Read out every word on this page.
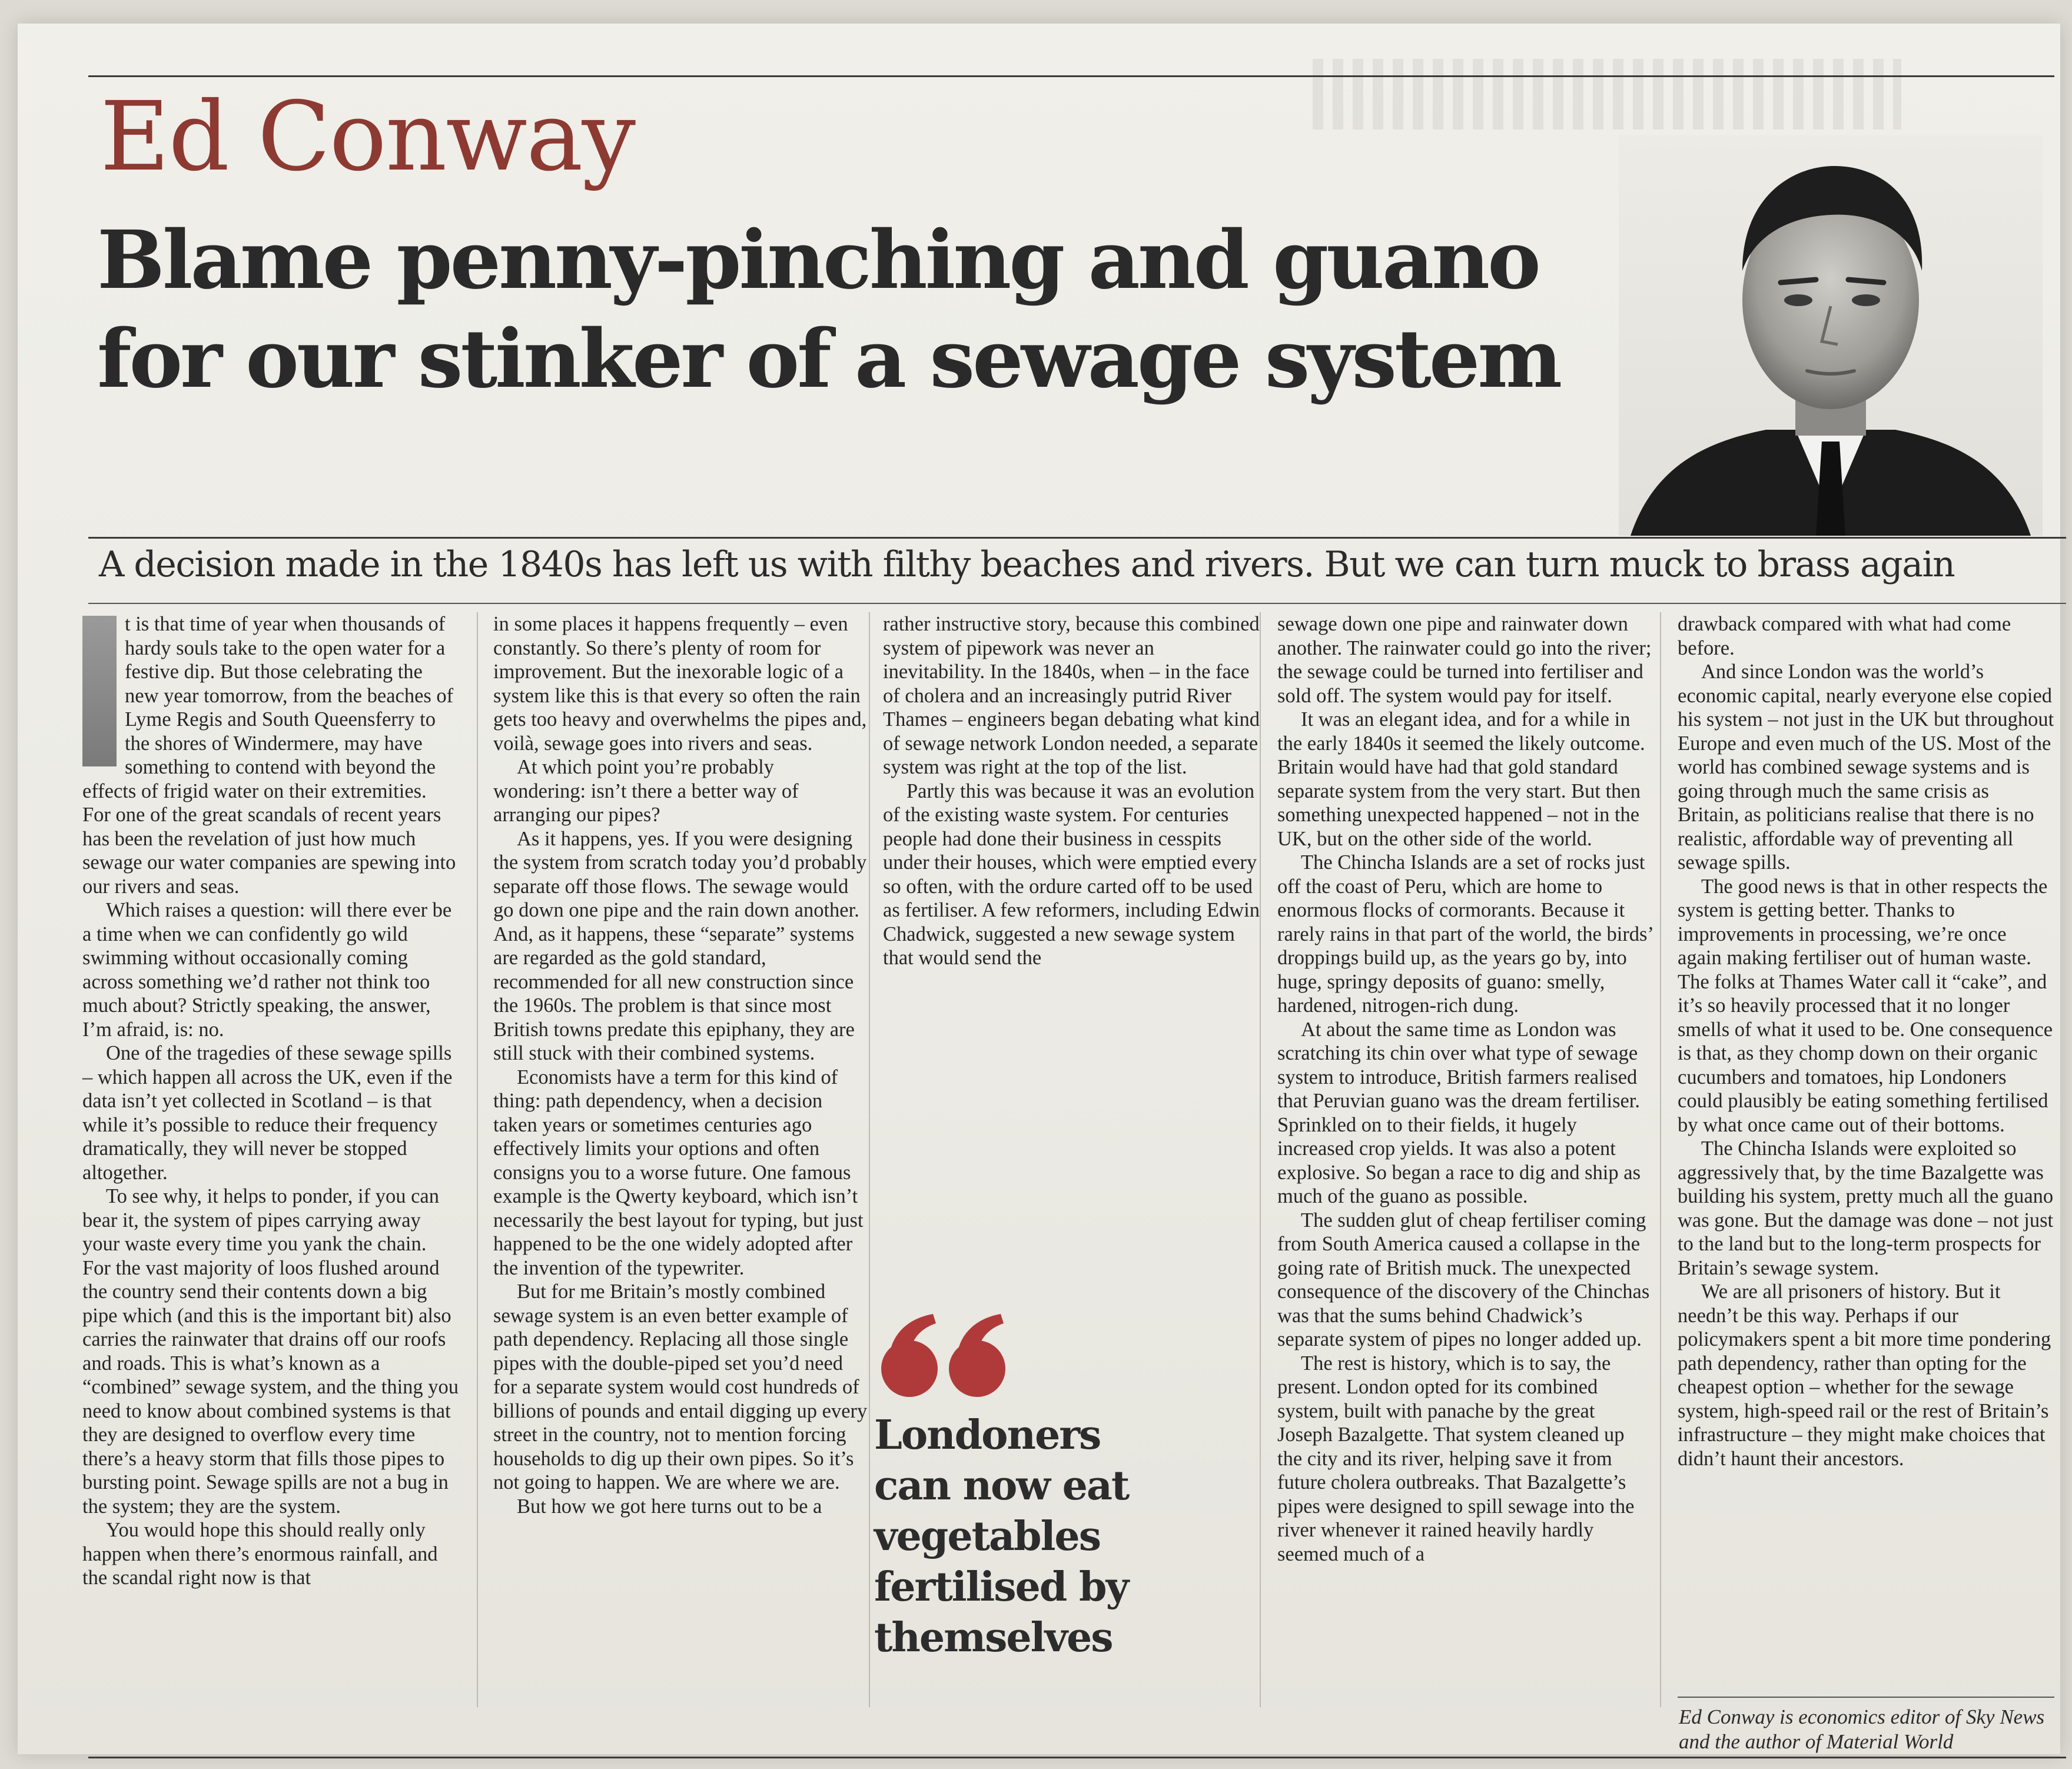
Ed Conway
Blame penny-pinching and guano
for our stinker of a sewage system
A decision made in the 1840s has left us with filthy beaches and rivers. But we can turn muck to brass again

t is that time of year when thousands of hardy souls take to the open water for a festive dip. But those celebrating the new year tomorrow, from the beaches of Lyme Regis and South Queensferry to the shores of Windermere, may have something to contend with beyond the effects of frigid water on their extremities. For one of the great scandals of recent years has been the revelation of just how much sewage our water companies are spewing into our rivers and seas.

Which raises a question: will there ever be a time when we can confidently go wild swimming without occasionally coming across something we’d rather not think too much about? Strictly speaking, the answer, I’m afraid, is: no.

One of the tragedies of these sewage spills – which happen all across the UK, even if the data isn’t yet collected in Scotland – is that while it’s possible to reduce their frequency dramatically, they will never be stopped altogether.

To see why, it helps to ponder, if you can bear it, the system of pipes carrying away your waste every time you yank the chain. For the vast majority of loos flushed around the country send their contents down a big pipe which (and this is the important bit) also carries the rainwater that drains off our roofs and roads. This is what’s known as a “combined” sewage system, and the thing you need to know about combined systems is that they are designed to overflow every time there’s a heavy storm that fills those pipes to bursting point. Sewage spills are not a bug in the system; they are the system.

You would hope this should really only happen when there’s enormous rainfall, and the scandal right now is that

in some places it happens frequently – even constantly. So there’s plenty of room for improvement. But the inexorable logic of a system like this is that every so often the rain gets too heavy and overwhelms the pipes and, voilà, sewage goes into rivers and seas.

At which point you’re probably wondering: isn’t there a better way of arranging our pipes?

As it happens, yes. If you were designing the system from scratch today you’d probably separate off those flows. The sewage would go down one pipe and the rain down another. And, as it happens, these “separate” systems are regarded as the gold standard, recommended for all new construction since the 1960s. The problem is that since most British towns predate this epiphany, they are still stuck with their combined systems.

Economists have a term for this kind of thing: path dependency, when a decision taken years or sometimes centuries ago effectively limits your options and often consigns you to a worse future. One famous example is the Qwerty keyboard, which isn’t necessarily the best layout for typing, but just happened to be the one widely adopted after the invention of the typewriter.

But for me Britain’s mostly combined sewage system is an even better example of path dependency. Replacing all those single pipes with the double-piped set you’d need for a separate system would cost hundreds of billions of pounds and entail digging up every street in the country, not to mention forcing households to dig up their own pipes. So it’s not going to happen. We are where we are.

But how we got here turns out to be a

rather instructive story, because this combined system of pipework was never an inevitability. In the 1840s, when – in the face of cholera and an increasingly putrid River Thames – engineers began debating what kind of sewage network London needed, a separate system was right at the top of the list.

Partly this was because it was an evolution of the existing waste system. For centuries people had done their business in cesspits under their houses, which were emptied every so often, with the ordure carted off to be used as fertiliser. A few reformers, including Edwin Chadwick, suggested a new sewage system that would send the

Londoners
can now eat
vegetables
fertilised by
themselves

sewage down one pipe and rainwater down another. The rainwater could go into the river; the sewage could be turned into fertiliser and sold off. The system would pay for itself.

It was an elegant idea, and for a while in the early 1840s it seemed the likely outcome. Britain would have had that gold standard separate system from the very start. But then something unexpected happened – not in the UK, but on the other side of the world.

The Chincha Islands are a set of rocks just off the coast of Peru, which are home to enormous flocks of cormorants. Because it rarely rains in that part of the world, the birds’ droppings build up, as the years go by, into huge, springy deposits of guano: smelly, hardened, nitrogen-rich dung.

At about the same time as London was scratching its chin over what type of sewage system to introduce, British farmers realised that Peruvian guano was the dream fertiliser. Sprinkled on to their fields, it hugely increased crop yields. It was also a potent explosive. So began a race to dig and ship as much of the guano as possible.

The sudden glut of cheap fertiliser coming from South America caused a collapse in the going rate of British muck. The unexpected consequence of the discovery of the Chinchas was that the sums behind Chadwick’s separate system of pipes no longer added up.

The rest is history, which is to say, the present. London opted for its combined system, built with panache by the great Joseph Bazalgette. That system cleaned up the city and its river, helping save it from future cholera outbreaks. That Bazalgette’s pipes were designed to spill sewage into the river whenever it rained heavily hardly seemed much of a

drawback compared with what had come before.

And since London was the world’s economic capital, nearly everyone else copied his system – not just in the UK but throughout Europe and even much of the US. Most of the world has combined sewage systems and is going through much the same crisis as Britain, as politicians realise that there is no realistic, affordable way of preventing all sewage spills.

The good news is that in other respects the system is getting better. Thanks to improvements in processing, we’re once again making fertiliser out of human waste. The folks at Thames Water call it “cake”, and it’s so heavily processed that it no longer smells of what it used to be. One consequence is that, as they chomp down on their organic cucumbers and tomatoes, hip Londoners could plausibly be eating something fertilised by what once came out of their bottoms.

The Chincha Islands were exploited so aggressively that, by the time Bazalgette was building his system, pretty much all the guano was gone. But the damage was done – not just to the land but to the long-term prospects for Britain’s sewage system.

We are all prisoners of history. But it needn’t be this way. Perhaps if our policymakers spent a bit more time pondering path dependency, rather than opting for the cheapest option – whether for the sewage system, high-speed rail or the rest of Britain’s infrastructure – they might make choices that didn’t haunt their ancestors.

Ed Conway is economics editor of Sky News and the author of Material World
